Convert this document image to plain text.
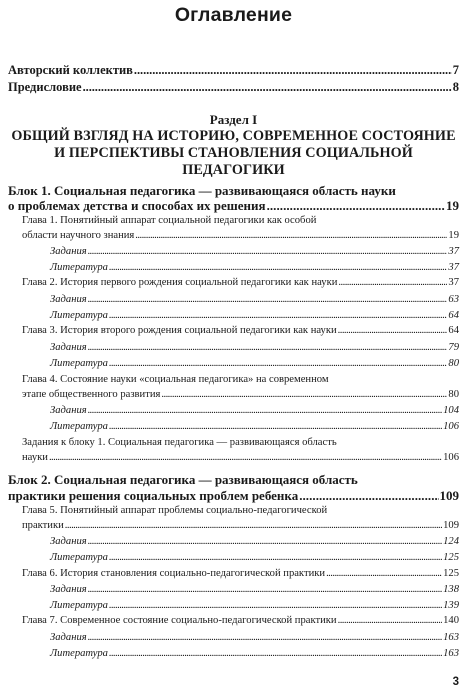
Оглавление
Авторский коллектив . . .	7
Предисловие . . .	8
Раздел I
ОБЩИЙ ВЗГЛЯД НА ИСТОРИЮ, СОВРЕМЕННОЕ СОСТОЯНИЕ
И ПЕРСПЕКТИВЫ СТАНОВЛЕНИЯ СОЦИАЛЬНОЙ
ПЕДАГОГИКИ
Блок 1. Социальная педагогика — развивающаяся область науки
о проблемах детства и способах их решения . . .	19
Глава 1. Понятийный аппарат социальной педагогики как особой
области научного знания . . .	19
Задания . . .	37
Литература . . .	37
Глава 2. История первого рождения социальной педагогики как науки . . .	37
Задания . . .	63
Литература . . .	64
Глава 3. История второго рождения социальной педагогики как науки . . .	64
Задания . . .	79
Литература . . .	80
Глава 4. Состояние науки «социальная педагогика» на современном
этапе общественного развития . . .	80
Задания . . .	104
Литература . . .	106
Задания к блоку 1. Социальная педагогика — развивающаяся область
науки . . .	106
Блок 2. Социальная педагогика — развивающаяся область
практики решения социальных проблем ребенка . . .	109
Глава 5. Понятийный аппарат проблемы социально-педагогической
практики . . .	109
Задания . . .	124
Литература . . .	125
Глава 6. История становления социально-педагогической практики . . .	125
Задания . . .	138
Литература . . .	139
Глава 7. Современное состояние социально-педагогической практики . . .	140
Задания . . .	163
Литература . . .	163
3
